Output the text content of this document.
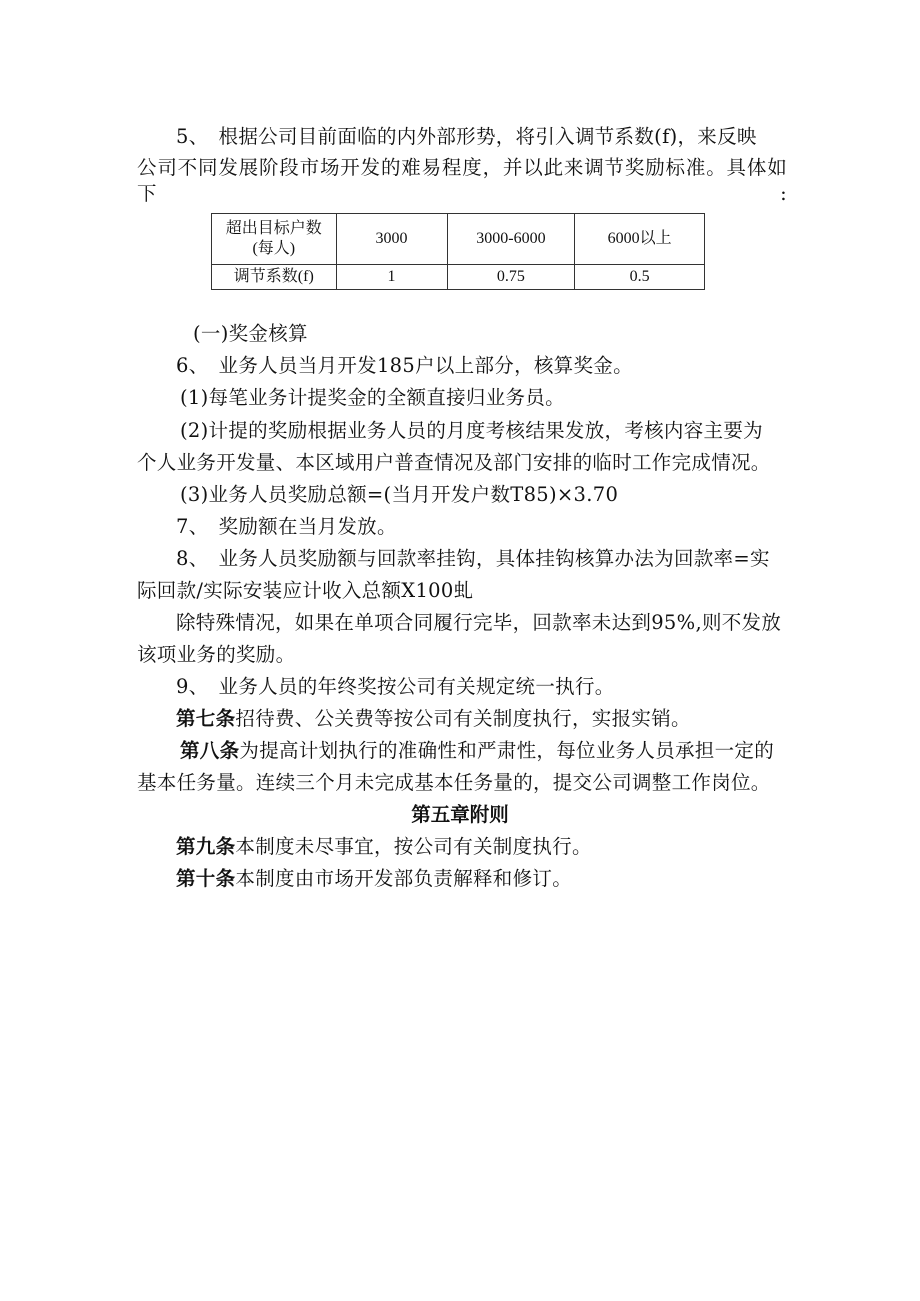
5、　根据公司目前面临的内外部形势，将引入调节系数(f)，来反映
公司不同发展阶段市场开发的难易程度，并以此来调节奖励标准。具体如下:
超出目标户数
(每人)	3000	3000-6000	6000以上
调节系数(f)	1	0.75	0.5
(一)奖金核算
6、　业务人员当月开发185户以上部分，核算奖金。
(1)每笔业务计提奖金的全额直接归业务员。
(2)计提的奖励根据业务人员的月度考核结果发放，考核内容主要为
个人业务开发量、本区域用户普查情况及部门安排的临时工作完成情况。
(3)业务人员奖励总额=(当月开发户数T85)×3.70
7、　奖励额在当月发放。
8、　业务人员奖励额与回款率挂钩，具体挂钩核算办法为回款率=实
际回款/实际安装应计收入总额X100虬
除特殊情况，如果在单项合同履行完毕，回款率未达到95%,则不发放
该项业务的奖励。
9、　业务人员的年终奖按公司有关规定统一执行。
第七条招待费、公关费等按公司有关制度执行，实报实销。
第八条为提高计划执行的准确性和严肃性，每位业务人员承担一定的
基本任务量。连续三个月未完成基本任务量的，提交公司调整工作岗位。
第五章附则
第九条本制度未尽事宜，按公司有关制度执行。
第十条本制度由市场开发部负责解释和修订。
